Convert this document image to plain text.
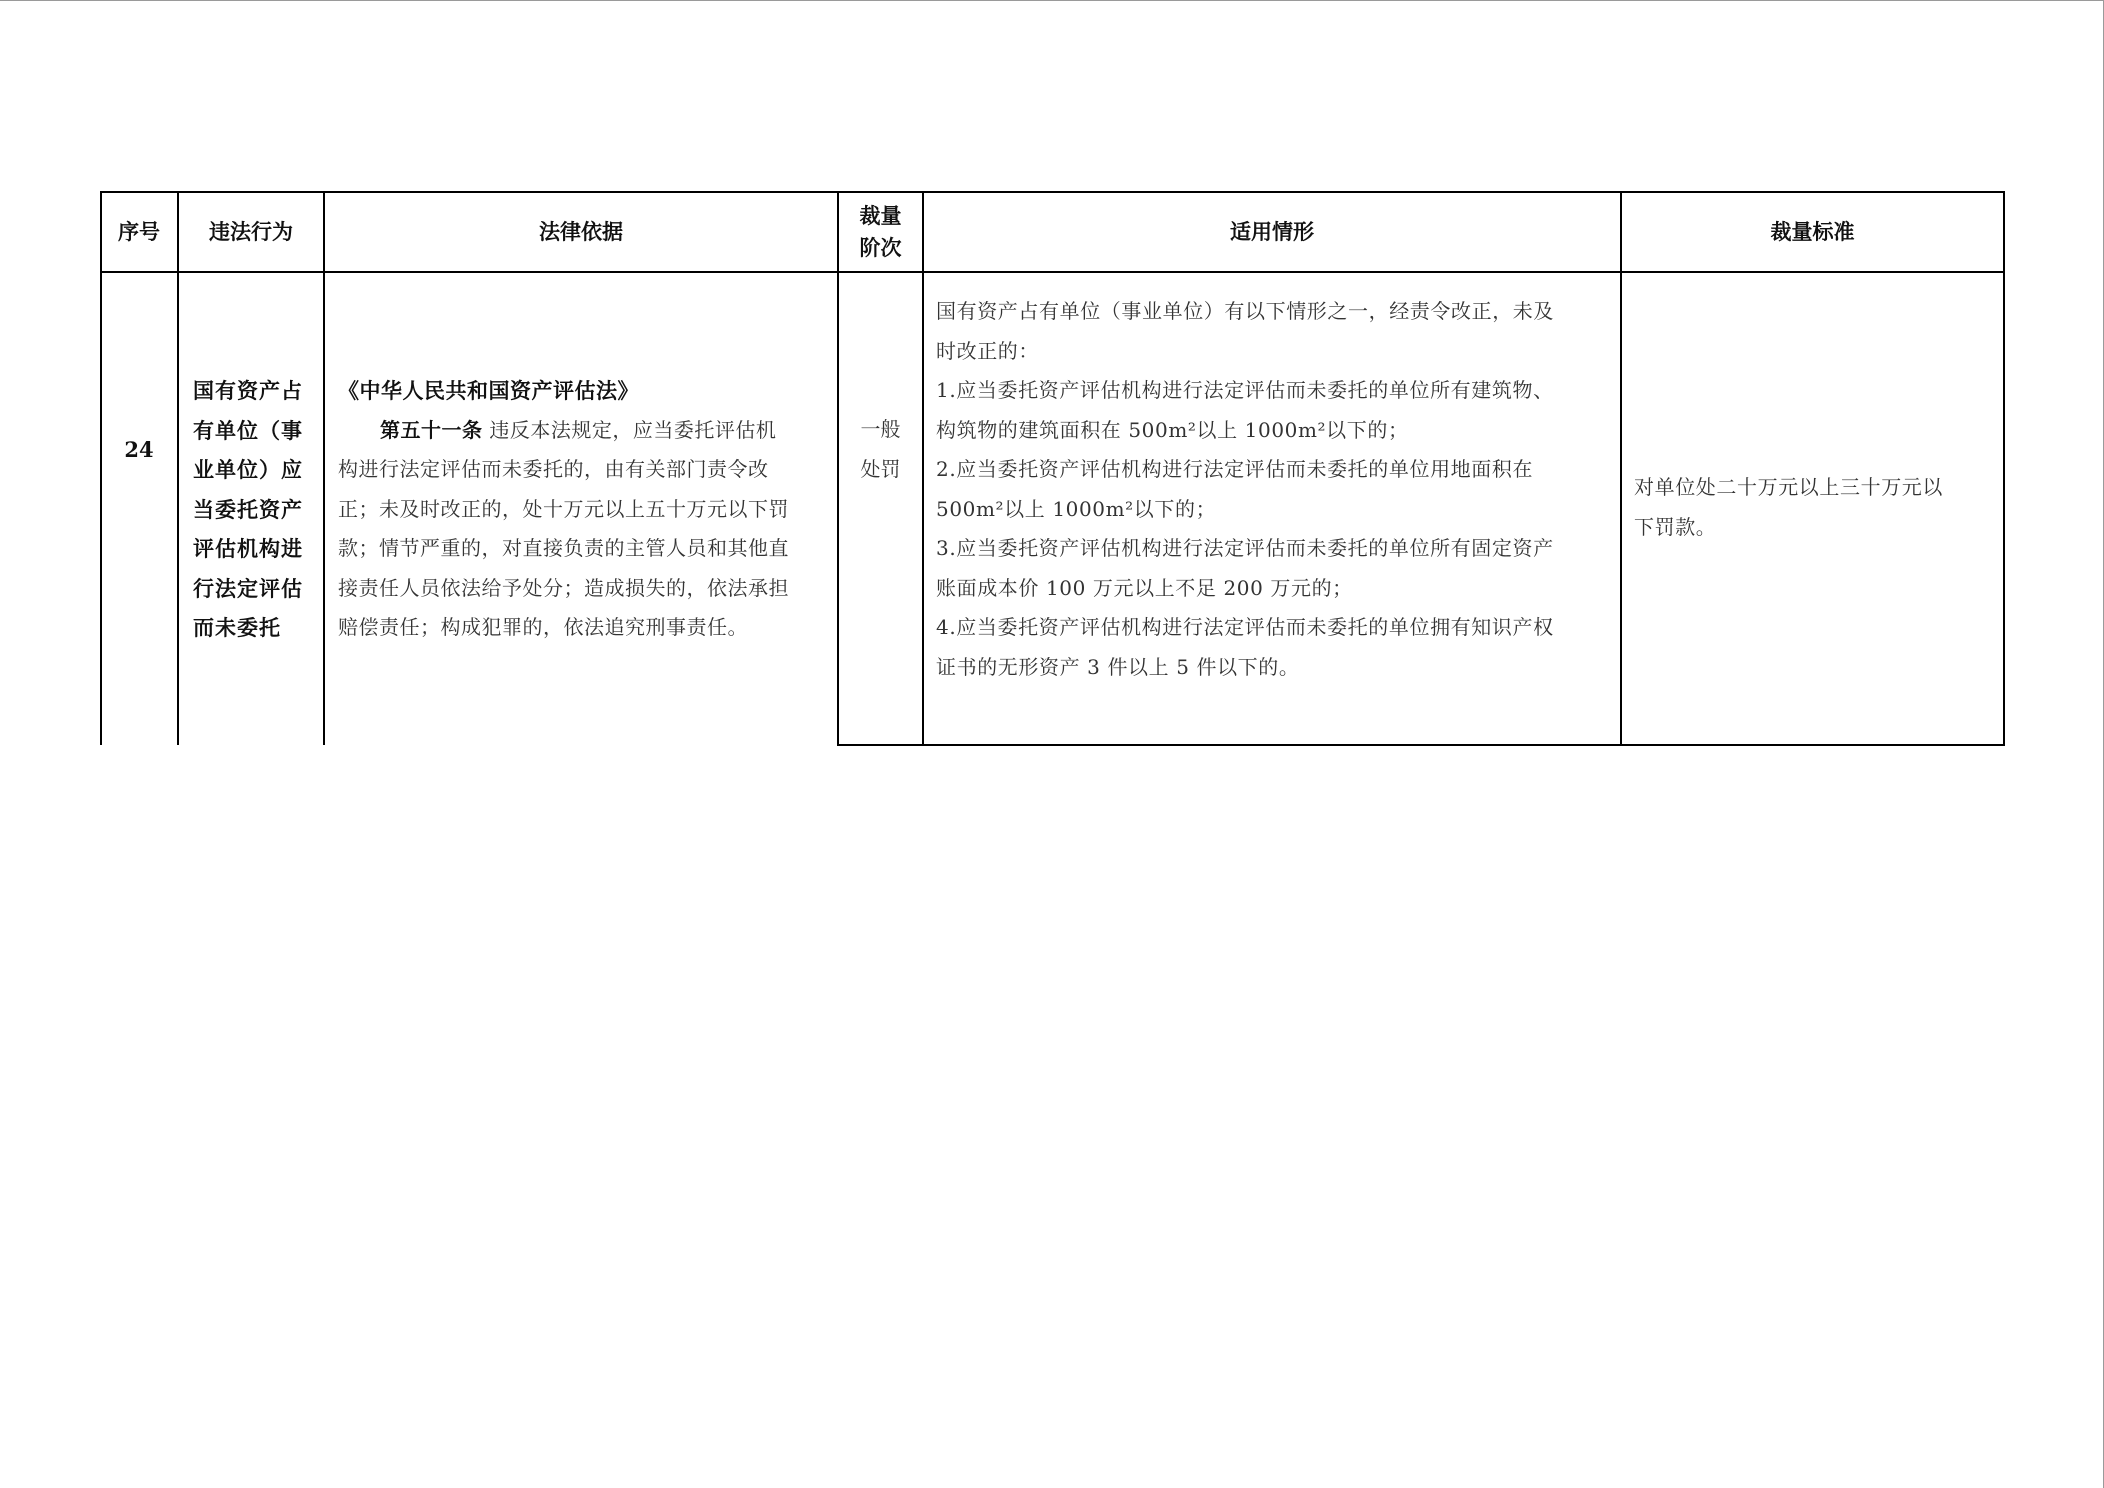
序号 违法行为	法律依据
裁量
阶次
适用情形	裁量标准
24
国有资产占
有单位（事
业单位）应
当委托资产
评估机构进
行法定评估
而未委托
《中华人民共和国资产评估法》
第五十一条 违反本法规定，应当委托评估机
构进行法定评估而未委托的，由有关部门责令改
正；未及时改正的，处十万元以上五十万元以下罚
款；情节严重的，对直接负责的主管人员和其他直
接责任人员依法给予处分；造成损失的，依法承担
赔偿责任；构成犯罪的，依法追究刑事责任。
一般
处罚
国有资产占有单位（事业单位）有以下情形之一，经责令改正，未及
时改正的：
1.应当委托资产评估机构进行法定评估而未委托的单位所有建筑物、
构筑物的建筑面积在 500m²以上 1000m²以下的；
2.应当委托资产评估机构进行法定评估而未委托的单位用地面积在
500m²以上 1000m²以下的；
3.应当委托资产评估机构进行法定评估而未委托的单位所有固定资产
账面成本价 100 万元以上不足 200 万元的；
4.应当委托资产评估机构进行法定评估而未委托的单位拥有知识产权
证书的无形资产 3 件以上 5 件以下的。
对单位处二十万元以上三十万元以
下罚款。
